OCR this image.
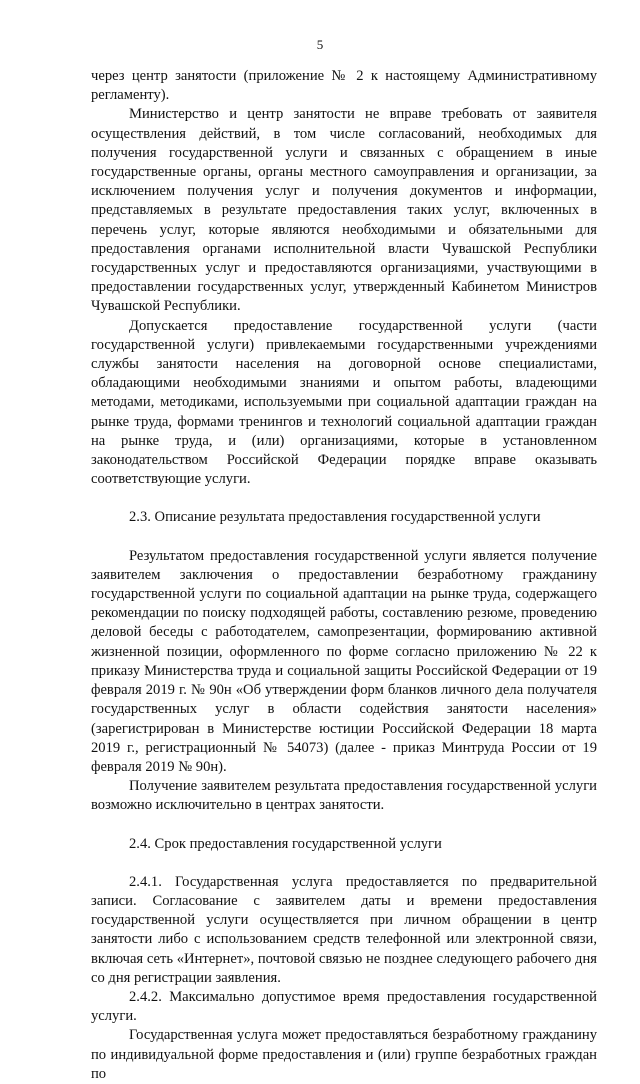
5

через центр занятости (приложение № 2 к настоящему Административному регламенту).

Министерство и центр занятости не вправе требовать от заявителя осуществления действий, в том числе согласований, необходимых для получения государственной услуги и связанных с обращением в иные государственные органы, органы местного самоуправления и организации, за исключением получения услуг и получения документов и информации, представляемых в результате предоставления таких услуг, включенных в перечень услуг, которые являются необходимыми и обязательными для предоставления органами исполнительной власти Чувашской Республики государственных услуг и предоставляются организациями, участвующими в предоставлении государственных услуг, утвержденный Кабинетом Министров Чувашской Республики.

Допускается предоставление государственной услуги (части государственной услуги) привлекаемыми государственными учреждениями службы занятости населения на договорной основе специалистами, обладающими необходимыми знаниями и опытом работы, владеющими методами, методиками, используемыми при социальной адаптации граждан на рынке труда, формами тренингов и технологий социальной адаптации граждан на рынке труда, и (или) организациями, которые в установленном законодательством Российской Федерации порядке вправе оказывать соответствующие услуги.

2.3. Описание результата предоставления государственной услуги

Результатом предоставления государственной услуги является получение заявителем заключения о предоставлении безработному гражданину государственной услуги по социальной адаптации на рынке труда, содержащего рекомендации по поиску подходящей работы, составлению резюме, проведению деловой беседы с работодателем, самопрезентации, формированию активной жизненной позиции, оформленного по форме согласно приложению № 22 к приказу Министерства труда и социальной защиты Российской Федерации от 19 февраля 2019 г. № 90н «Об утверждении форм бланков личного дела получателя государственных услуг в области содействия занятости населения» (зарегистрирован в Министерстве юстиции Российской Федерации 18 марта 2019 г., регистрационный № 54073) (далее - приказ Минтруда России от 19 февраля 2019 № 90н).

Получение заявителем результата предоставления государственной услуги возможно исключительно в центрах занятости.

2.4. Срок предоставления государственной услуги

2.4.1. Государственная услуга предоставляется по предварительной записи. Согласование с заявителем даты и времени предоставления государственной услуги осуществляется при личном обращении в центр занятости либо с использованием средств телефонной или электронной связи, включая сеть «Интернет», почтовой связью не позднее следующего рабочего дня со дня регистрации заявления.

2.4.2. Максимально допустимое время предоставления государственной услуги.

Государственная услуга может предоставляться безработному гражданину по индивидуальной форме предоставления и (или) группе безработных граждан по
